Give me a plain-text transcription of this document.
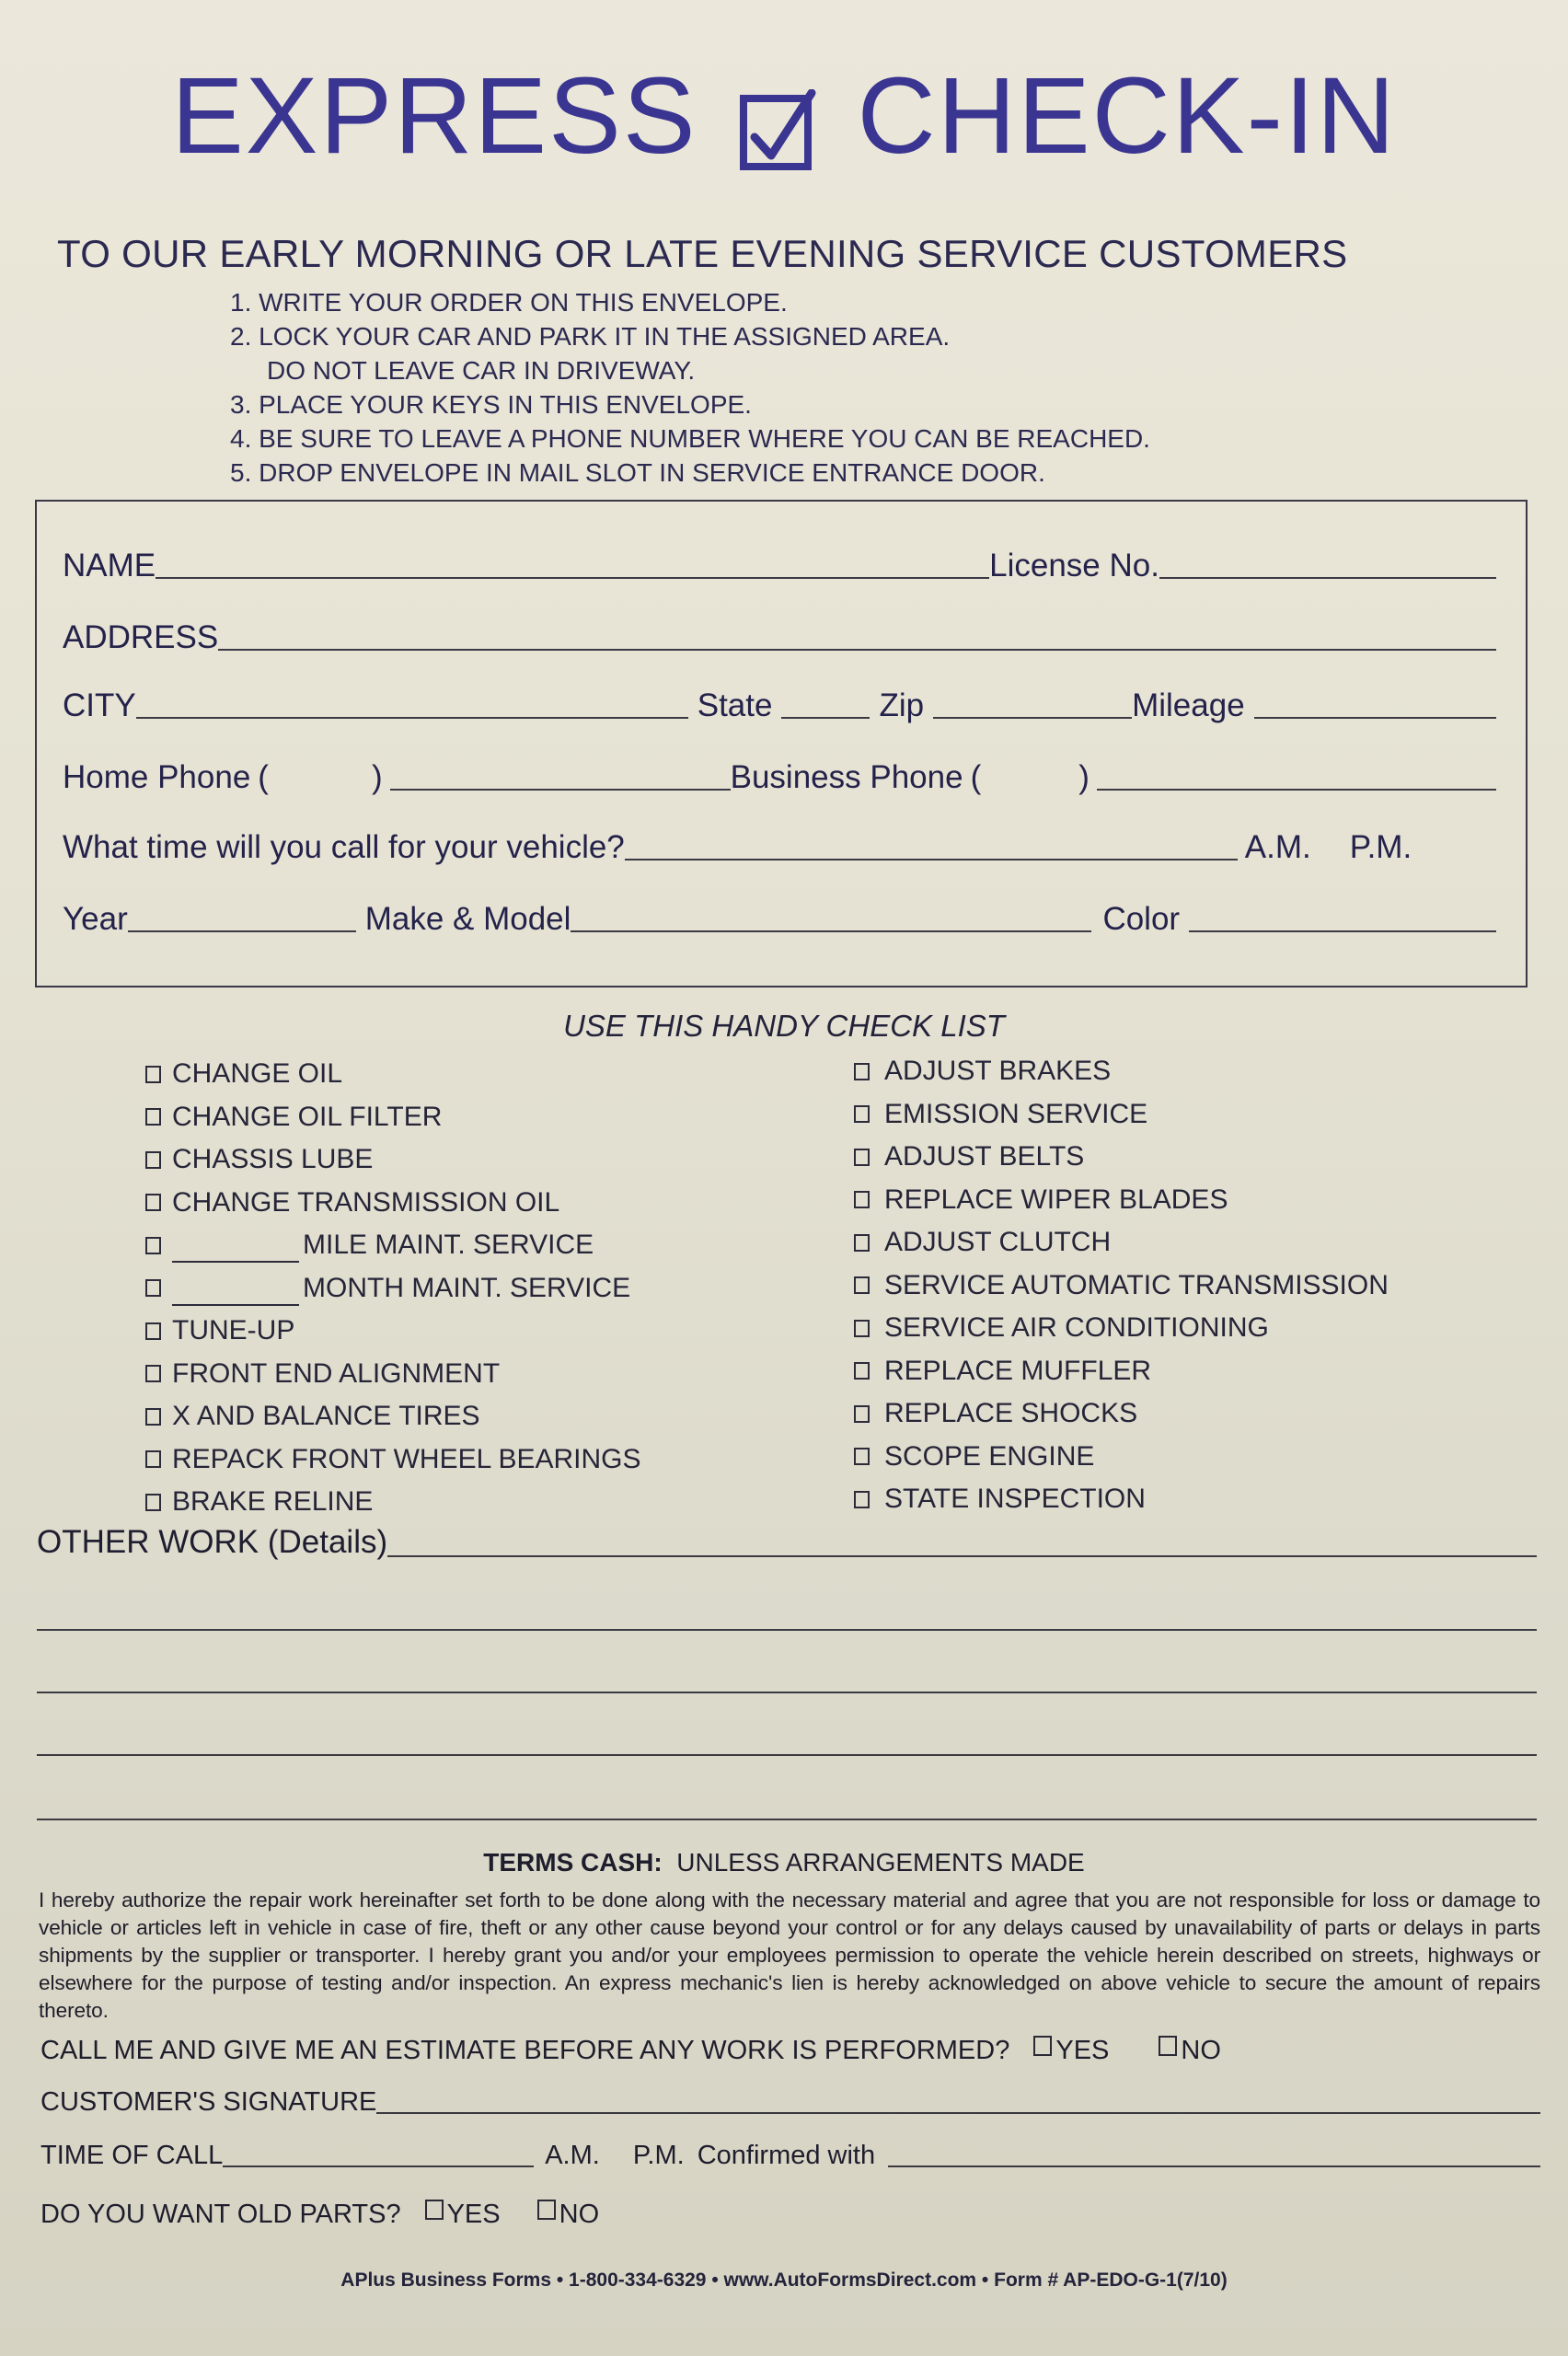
EXPRESS CHECK-IN
TO OUR EARLY MORNING OR LATE EVENING SERVICE CUSTOMERS
1. WRITE YOUR ORDER ON THIS ENVELOPE.
2. LOCK YOUR CAR AND PARK IT IN THE ASSIGNED AREA.
DO NOT LEAVE CAR IN DRIVEWAY.
3. PLACE YOUR KEYS IN THIS ENVELOPE.
4. BE SURE TO LEAVE A PHONE NUMBER WHERE YOU CAN BE REACHED.
5. DROP ENVELOPE IN MAIL SLOT IN SERVICE ENTRANCE DOOR.
NAME	License No.
ADDRESS
CITY	State	Zip	Mileage
Home Phone (	)	Business Phone (	)
What time will you call for your vehicle?	A.M. P.M.
Year	Make & Model	Color
USE THIS HANDY CHECK LIST
CHANGE OIL
CHANGE OIL FILTER
CHASSIS LUBE
CHANGE TRANSMISSION OIL
MILE MAINT. SERVICE
MONTH MAINT. SERVICE
TUNE-UP
FRONT END ALIGNMENT
X AND BALANCE TIRES
REPACK FRONT WHEEL BEARINGS
BRAKE RELINE
ADJUST BRAKES
EMISSION SERVICE
ADJUST BELTS
REPLACE WIPER BLADES
ADJUST CLUTCH
SERVICE AUTOMATIC TRANSMISSION
SERVICE AIR CONDITIONING
REPLACE MUFFLER
REPLACE SHOCKS
SCOPE ENGINE
STATE INSPECTION
OTHER WORK (Details)
TERMS CASH: UNLESS ARRANGEMENTS MADE
I hereby authorize the repair work hereinafter set forth to be done along with the necessary material and agree that you are not responsible for loss or damage to vehicle or articles left in vehicle in case of fire, theft or any other cause beyond your control or for any delays caused by unavailability of parts or delays in parts shipments by the supplier or transporter. I hereby grant you and/or your employees permission to operate the vehicle herein described on streets, highways or elsewhere for the purpose of testing and/or inspection. An express mechanic's lien is hereby acknowledged on above vehicle to secure the amount of repairs thereto.
CALL ME AND GIVE ME AN ESTIMATE BEFORE ANY WORK IS PERFORMED?	YES	NO
CUSTOMER'S SIGNATURE
TIME OF CALL	A.M. P.M. Confirmed with
DO YOU WANT OLD PARTS?	YES	NO
APlus Business Forms • 1-800-334-6329 • www.AutoFormsDirect.com • Form # AP-EDO-G-1(7/10)
